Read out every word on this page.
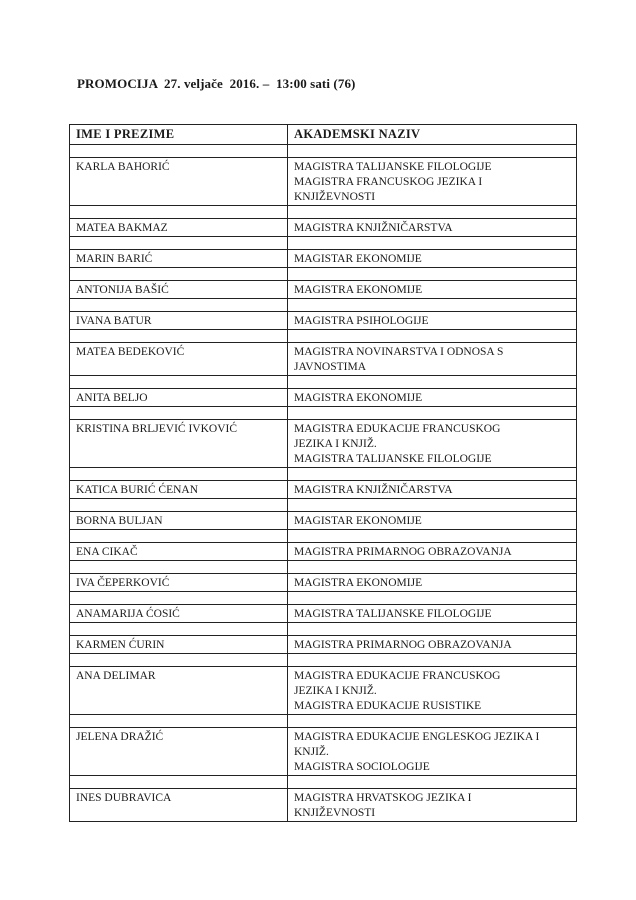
PROMOCIJA  27. veljače  2016. –  13:00 sati (76)
IME I PREZIME	AKADEMSKI NAZIV

KARLA BAHORIĆ	MAGISTRA TALIJANSKE FILOLOGIJE
MAGISTRA FRANCUSKOG JEZIKA I
KNJIŽEVNOSTI

MATEA BAKMAZ	MAGISTRA KNJIŽNIČARSTVA

MARIN BARIĆ	MAGISTAR EKONOMIJE

ANTONIJA BAŠIĆ	MAGISTRA EKONOMIJE

IVANA BATUR	MAGISTRA PSIHOLOGIJE

MATEA BEDEKOVIĆ	MAGISTRA NOVINARSTVA I ODNOSA S
JAVNOSTIMA

ANITA BELJO	MAGISTRA EKONOMIJE

KRISTINA BRLJEVIĆ IVKOVIĆ	MAGISTRA EDUKACIJE FRANCUSKOG
JEZIKA I KNJIŽ.
MAGISTRA TALIJANSKE FILOLOGIJE

KATICA BURIĆ ĆENAN	MAGISTRA KNJIŽNIČARSTVA

BORNA BULJAN	MAGISTAR EKONOMIJE

ENA CIKAČ	MAGISTRA PRIMARNOG OBRAZOVANJA

IVA ČEPERKOVIĆ	MAGISTRA EKONOMIJE

ANAMARIJA ĆOSIĆ	MAGISTRA TALIJANSKE FILOLOGIJE

KARMEN ĆURIN	MAGISTRA PRIMARNOG OBRAZOVANJA

ANA DELIMAR	MAGISTRA EDUKACIJE FRANCUSKOG
JEZIKA I KNJIŽ.
MAGISTRA EDUKACIJE RUSISTIKE

JELENA DRAŽIĆ	MAGISTRA EDUKACIJE ENGLESKOG JEZIKA I
KNJIŽ.
MAGISTRA SOCIOLOGIJE

INES DUBRAVICA	MAGISTRA HRVATSKOG JEZIKA I
KNJIŽEVNOSTI
